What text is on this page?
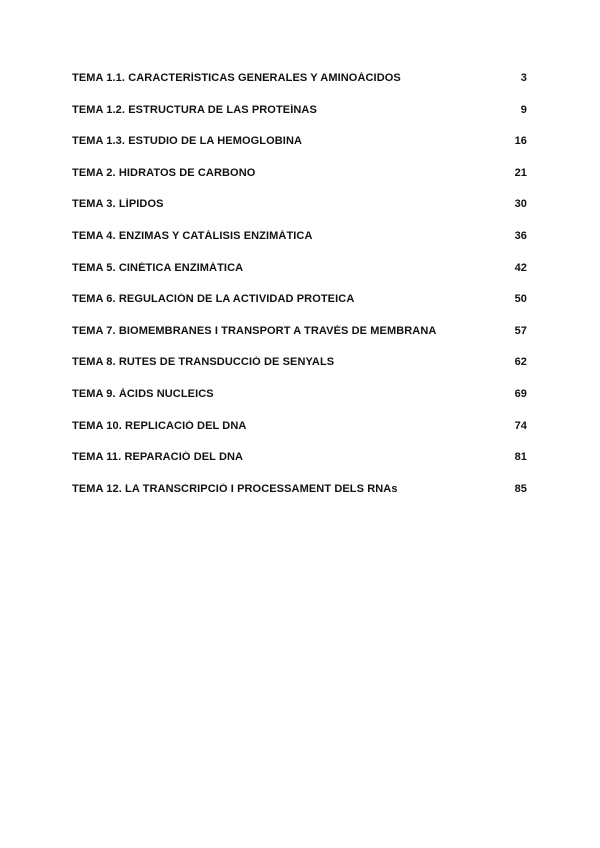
TEMA 1.1. CARACTERÍSTICAS GENERALES Y AMINOÁCIDOS	3
TEMA 1.2. ESTRUCTURA DE LAS PROTEÍNAS	9
TEMA 1.3. ESTUDIO DE LA HEMOGLOBINA	16
TEMA 2. HIDRATOS DE CARBONO	21
TEMA 3. LÍPIDOS	30
TEMA 4. ENZIMAS Y CATÁLISIS ENZIMÁTICA	36
TEMA 5. CINÉTICA ENZIMÁTICA	42
TEMA 6. REGULACIÓN DE LA ACTIVIDAD PROTEICA	50
TEMA 7. BIOMEMBRANES I TRANSPORT A TRAVÉS DE MEMBRANA	57
TEMA 8. RUTES DE TRANSDUCCIÓ DE SENYALS	62
TEMA 9. ÀCIDS NUCLEICS	69
TEMA 10. REPLICACIÓ DEL DNA	74
TEMA 11. REPARACIÓ DEL DNA	81
TEMA 12. LA TRANSCRIPCIÓ I PROCESSAMENT DELS RNAs	85
